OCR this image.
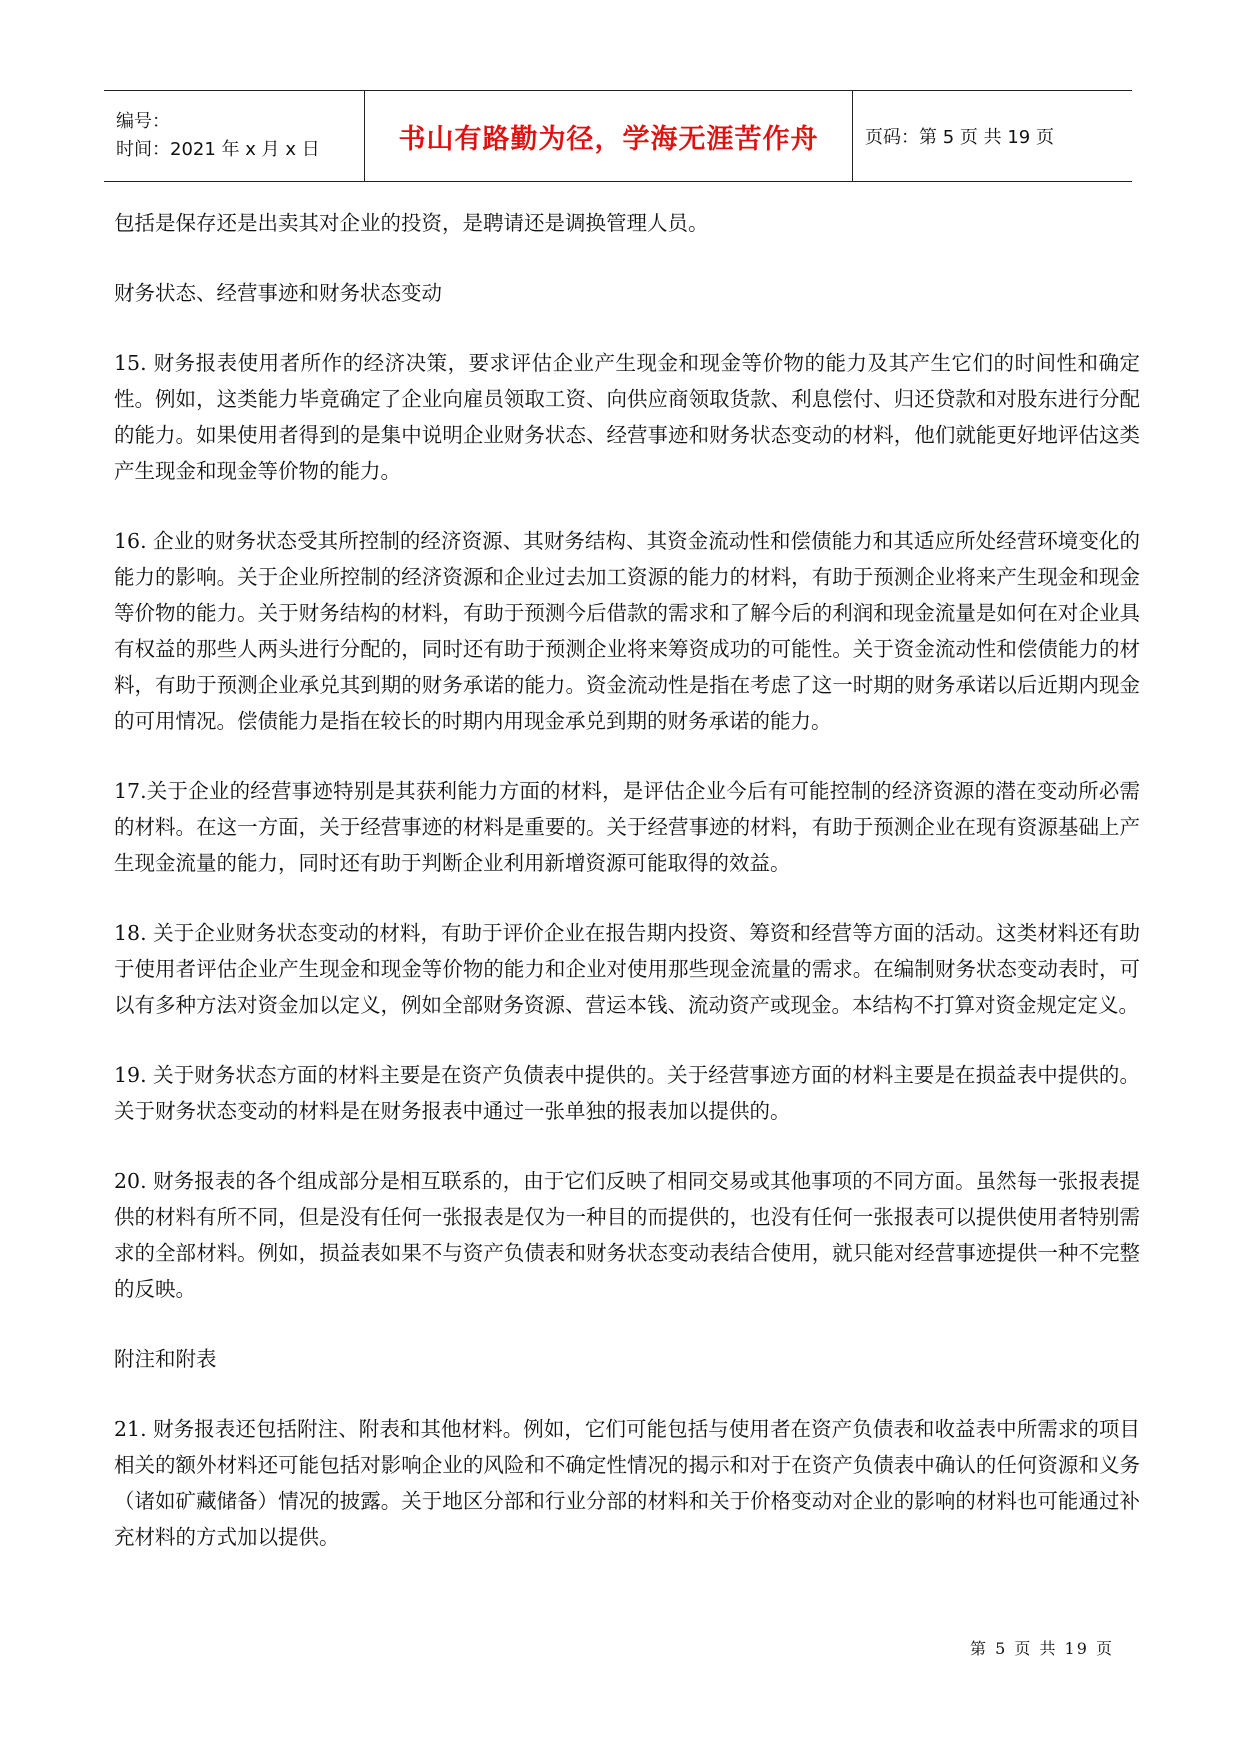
编号：
时间：2021 年 x 月 x 日	书山有路勤为径，学海无涯苦作舟	页码：第 5 页 共 19 页

包括是保存还是出卖其对企业的投资，是聘请还是调换管理人员。

财务状态、经营事迹和财务状态变动

15. 财务报表使用者所作的经济决策，要求评估企业产生现金和现金等价物的能力及其产生它们的时间性和确定性。例如，这类能力毕竟确定了企业向雇员领取工资、向供应商领取货款、利息偿付、归还贷款和对股东进行分配的能力。如果使用者得到的是集中说明企业财务状态、经营事迹和财务状态变动的材料，他们就能更好地评估这类产生现金和现金等价物的能力。

16. 企业的财务状态受其所控制的经济资源、其财务结构、其资金流动性和偿债能力和其适应所处经营环境变化的能力的影响。关于企业所控制的经济资源和企业过去加工资源的能力的材料，有助于预测企业将来产生现金和现金等价物的能力。关于财务结构的材料，有助于预测今后借款的需求和了解今后的利润和现金流量是如何在对企业具有权益的那些人两头进行分配的，同时还有助于预测企业将来筹资成功的可能性。关于资金流动性和偿债能力的材料，有助于预测企业承兑其到期的财务承诺的能力。资金流动性是指在考虑了这一时期的财务承诺以后近期内现金的可用情况。偿债能力是指在较长的时期内用现金承兑到期的财务承诺的能力。

17.关于企业的经营事迹特别是其获利能力方面的材料，是评估企业今后有可能控制的经济资源的潜在变动所必需的材料。在这一方面，关于经营事迹的材料是重要的。关于经营事迹的材料，有助于预测企业在现有资源基础上产生现金流量的能力，同时还有助于判断企业利用新增资源可能取得的效益。

18. 关于企业财务状态变动的材料，有助于评价企业在报告期内投资、筹资和经营等方面的活动。这类材料还有助于使用者评估企业产生现金和现金等价物的能力和企业对使用那些现金流量的需求。在编制财务状态变动表时，可以有多种方法对资金加以定义，例如全部财务资源、营运本钱、流动资产或现金。本结构不打算对资金规定定义。

19. 关于财务状态方面的材料主要是在资产负债表中提供的。关于经营事迹方面的材料主要是在损益表中提供的。关于财务状态变动的材料是在财务报表中通过一张单独的报表加以提供的。

20. 财务报表的各个组成部分是相互联系的，由于它们反映了相同交易或其他事项的不同方面。虽然每一张报表提供的材料有所不同，但是没有任何一张报表是仅为一种目的而提供的，也没有任何一张报表可以提供使用者特别需求的全部材料。例如，损益表如果不与资产负债表和财务状态变动表结合使用，就只能对经营事迹提供一种不完整的反映。

附注和附表

21. 财务报表还包括附注、附表和其他材料。例如，它们可能包括与使用者在资产负债表和收益表中所需求的项目相关的额外材料还可能包括对影响企业的风险和不确定性情况的揭示和对于在资产负债表中确认的任何资源和义务（诸如矿藏储备）情况的披露。关于地区分部和行业分部的材料和关于价格变动对企业的影响的材料也可能通过补充材料的方式加以提供。

第 5 页 共 19 页
